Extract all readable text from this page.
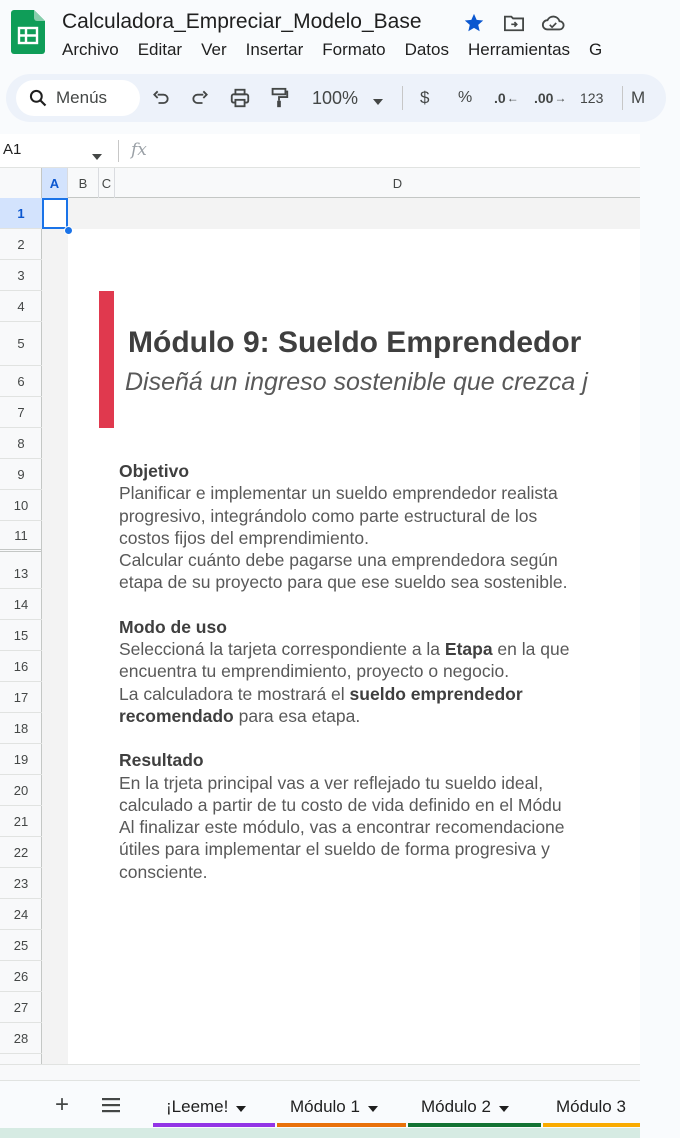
Calculadora_Empreciar_Modelo_Base
Archivo Editar Ver Insertar Formato Datos Herramientas G
Menús	100%	$ % .0 ← .00 → 123 M
A1	fx
A	B	C	D
1
2
3
4
5
6
7
8
9
10
11
13
14
15
16
17
18
19
20
21
22
23
24
25
26
27
28
Módulo 9: Sueldo Emprendedor
Diseñá un ingreso sostenible que crezca j
Objetivo
Planificar e implementar un sueldo emprendedor realista
progresivo, integrándolo como parte estructural de los
costos fijos del emprendimiento.
Calcular cuánto debe pagarse una emprendedora según
etapa de su proyecto para que ese sueldo sea sostenible.
Modo de uso
Seleccioná la tarjeta correspondiente a la Etapa en la que
encuentra tu emprendimiento, proyecto o negocio.
La calculadora te mostrará el sueldo emprendedor
recomendado para esa etapa.
Resultado
En la trjeta principal vas a ver reflejado tu sueldo ideal,
calculado a partir de tu costo de vida definido en el Módu
Al finalizar este módulo, vas a encontrar recomendacione
útiles para implementar el sueldo de forma progresiva y
consciente.
+	¡Leeme!	Módulo 1	Módulo 2	Módulo 3
